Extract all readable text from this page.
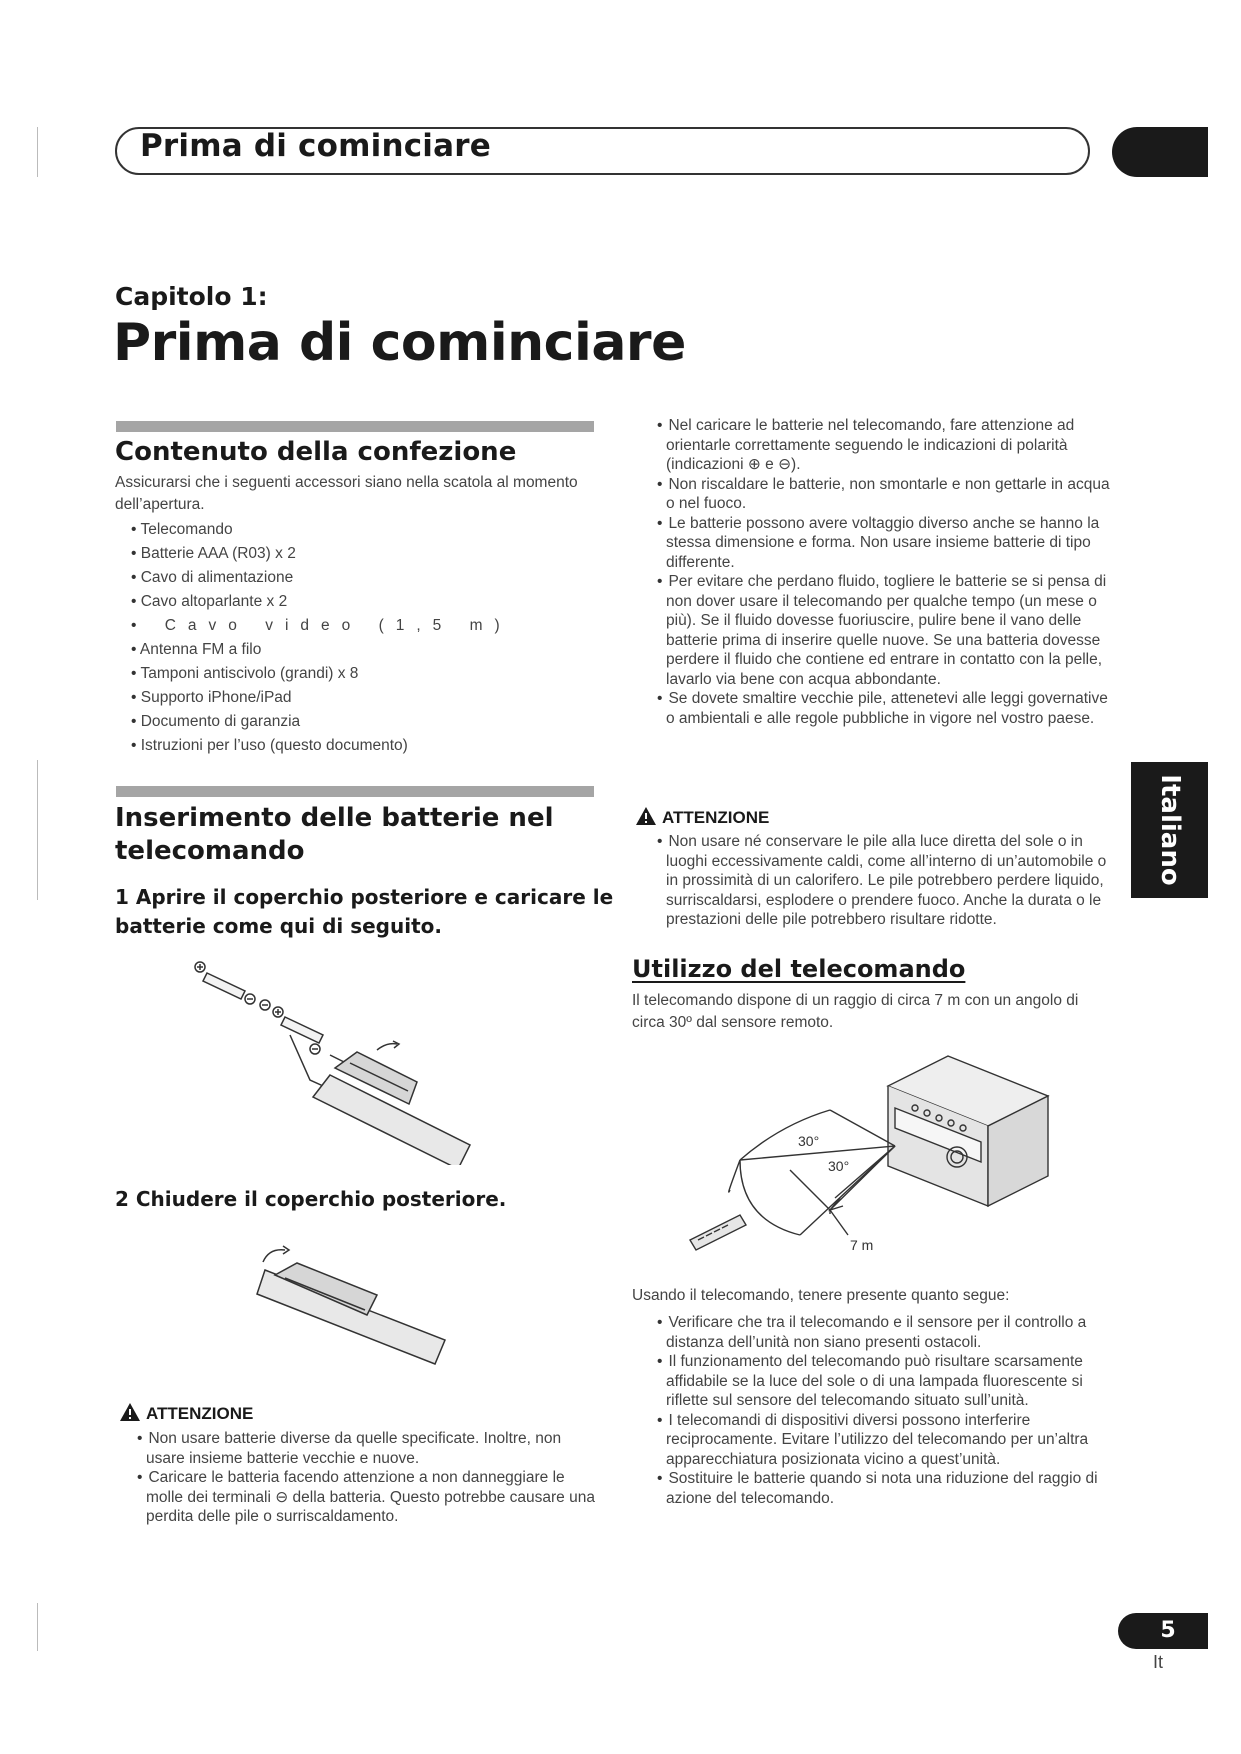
Prima di cominciare
Capitolo 1:
Prima di cominciare
Contenuto della confezione
Assicurarsi che i seguenti accessori siano nella scatola al momento dell’apertura.
• Telecomando
• Batterie AAA (R03) x 2
• Cavo di alimentazione
• Cavo altoparlante x 2
• Cavo video (1,5 m)
• Antenna FM a filo
• Tamponi antiscivolo (grandi) x 8
• Supporto iPhone/iPad
• Documento di garanzia
• Istruzioni per l’uso (questo documento)
Inserimento delle batterie nel
telecomando
1 Aprire il coperchio posteriore e caricare le
batterie come qui di seguito.
2 Chiudere il coperchio posteriore.
ATTENZIONE
• Non usare batterie diverse da quelle specificate. Inoltre, non usare insieme batterie vecchie e nuove.
• Caricare le batteria facendo attenzione a non danneggiare le molle dei terminali ⊖ della batteria. Questo potrebbe causare una perdita delle pile o surriscaldamento.
• Nel caricare le batterie nel telecomando, fare attenzione ad orientarle correttamente seguendo le indicazioni di polarità (indicazioni ⊕ e ⊖).
• Non riscaldare le batterie, non smontarle e non gettarle in acqua o nel fuoco.
• Le batterie possono avere voltaggio diverso anche se hanno la stessa dimensione e forma. Non usare insieme batterie di tipo differente.
• Per evitare che perdano fluido, togliere le batterie se si pensa di non dover usare il telecomando per qualche tempo (un mese o più). Se il fluido dovesse fuoriuscire, pulire bene il vano delle batterie prima di inserire quelle nuove. Se una batteria dovesse perdere il fluido che contiene ed entrare in contatto con la pelle, lavarlo via bene con acqua abbondante.
• Se dovete smaltire vecchie pile, attenetevi alle leggi governative o ambientali e alle regole pubbliche in vigore nel vostro paese.
ATTENZIONE
• Non usare né conservare le pile alla luce diretta del sole o in luoghi eccessivamente caldi, come all’interno di un’automobile o in prossimità di un calorifero. Le pile potrebbero perdere liquido, surriscaldarsi, esplodere o prendere fuoco. Anche la durata o le prestazioni delle pile potrebbero risultare ridotte.
Utilizzo del telecomando
Il telecomando dispone di un raggio di circa 7 m con un angolo di circa 30º dal sensore remoto.
30°
30°
7 m
Usando il telecomando, tenere presente quanto segue:
• Verificare che tra il telecomando e il sensore per il controllo a distanza dell’unità non siano presenti ostacoli.
• Il funzionamento del telecomando può risultare scarsamente affidabile se la luce del sole o di una lampada fluorescente si riflette sul sensore del telecomando situato sull’unità.
• I telecomandi di dispositivi diversi possono interferire reciprocamente. Evitare l’utilizzo del telecomando per un’altra apparecchiatura posizionata vicino a quest’unità.
• Sostituire le batterie quando si nota una riduzione del raggio di azione del telecomando.
Italiano
5
It
